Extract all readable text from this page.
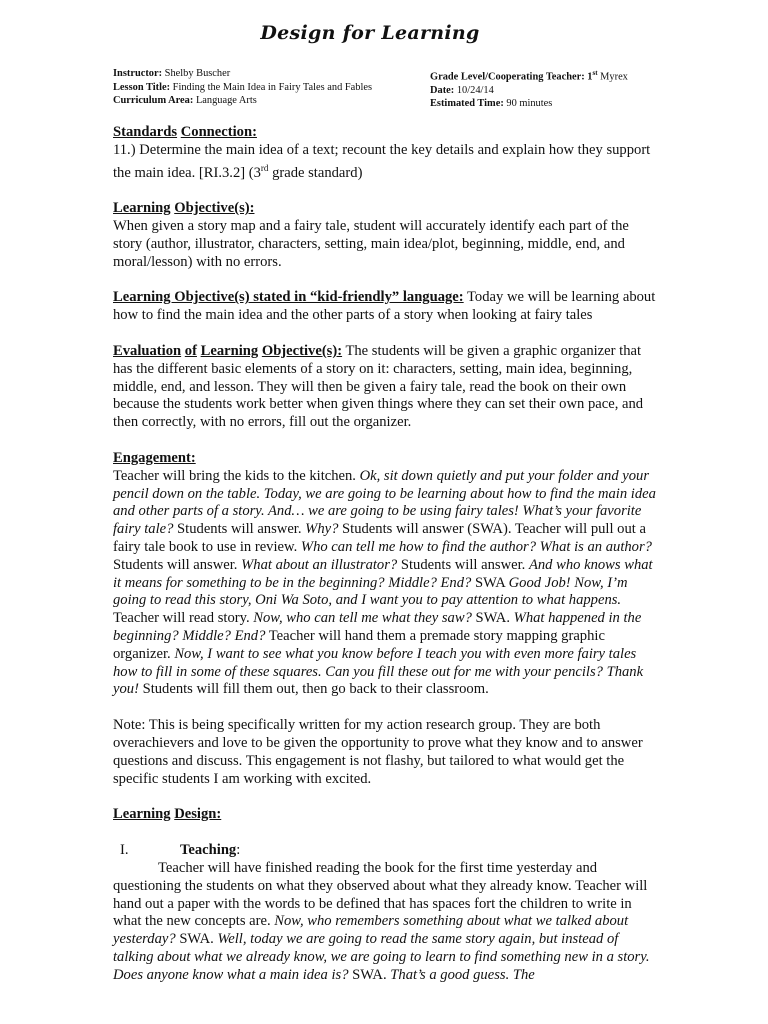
Design for Learning
Instructor: Shelby Buscher
Lesson Title: Finding the Main Idea in Fairy Tales and Fables
Curriculum Area: Language Arts
Grade Level/Cooperating Teacher: 1st Myrex
Date: 10/24/14
Estimated Time: 90 minutes

Standards Connection:

11.) Determine the main idea of a text; recount the key details and explain how they support the main idea. [RI.3.2] (3rd grade standard)

Learning Objective(s):

When given a story map and a fairy tale, student will accurately identify each part of the story (author, illustrator, characters, setting, main idea/plot, beginning, middle, end, and moral/lesson) with no errors.

Learning Objective(s) stated in “kid-friendly” language: Today we will be learning about how to find the main idea and the other parts of a story when looking at fairy tales

Evaluation of Learning Objective(s): The students will be given a graphic organizer that has the different basic elements of a story on it: characters, setting, main idea, beginning, middle, end, and lesson. They will then be given a fairy tale, read the book on their own because the students work better when given things where they can set their own pace, and then correctly, with no errors, fill out the organizer.

Engagement:

Teacher will bring the kids to the kitchen. Ok, sit down quietly and put your folder and your pencil down on the table. Today, we are going to be learning about how to find the main idea and other parts of a story. And… we are going to be using fairy tales! What’s your favorite fairy tale? Students will answer. Why? Students will answer (SWA). Teacher will pull out a fairy tale book to use in review. Who can tell me how to find the author? What is an author? Students will answer. What about an illustrator? Students will answer. And who knows what it means for something to be in the beginning? Middle? End? SWA Good Job! Now, I’m going to read this story, Oni Wa Soto, and I want you to pay attention to what happens. Teacher will read story. Now, who can tell me what they saw? SWA. What happened in the beginning? Middle? End? Teacher will hand them a premade story mapping graphic organizer. Now, I want to see what you know before I teach you with even more fairy tales how to fill in some of these squares. Can you fill these out for me with your pencils? Thank you! Students will fill them out, then go back to their classroom.

Note: This is being specifically written for my action research group. They are both overachievers and love to be given the opportunity to prove what they know and to answer questions and discuss. This engagement is not flashy, but tailored to what would get the specific students I am working with excited.

Learning Design:

I.	Teaching:

Teacher will have finished reading the book for the first time yesterday and questioning the students on what they observed about what they already know. Teacher will hand out a paper with the words to be defined that has spaces fort the children to write in what the new concepts are. Now, who remembers something about what we talked about yesterday? SWA. Well, today we are going to read the same story again, but instead of talking about what we already know, we are going to learn to find something new in a story. Does anyone know what a main idea is? SWA. That’s a good guess. The
